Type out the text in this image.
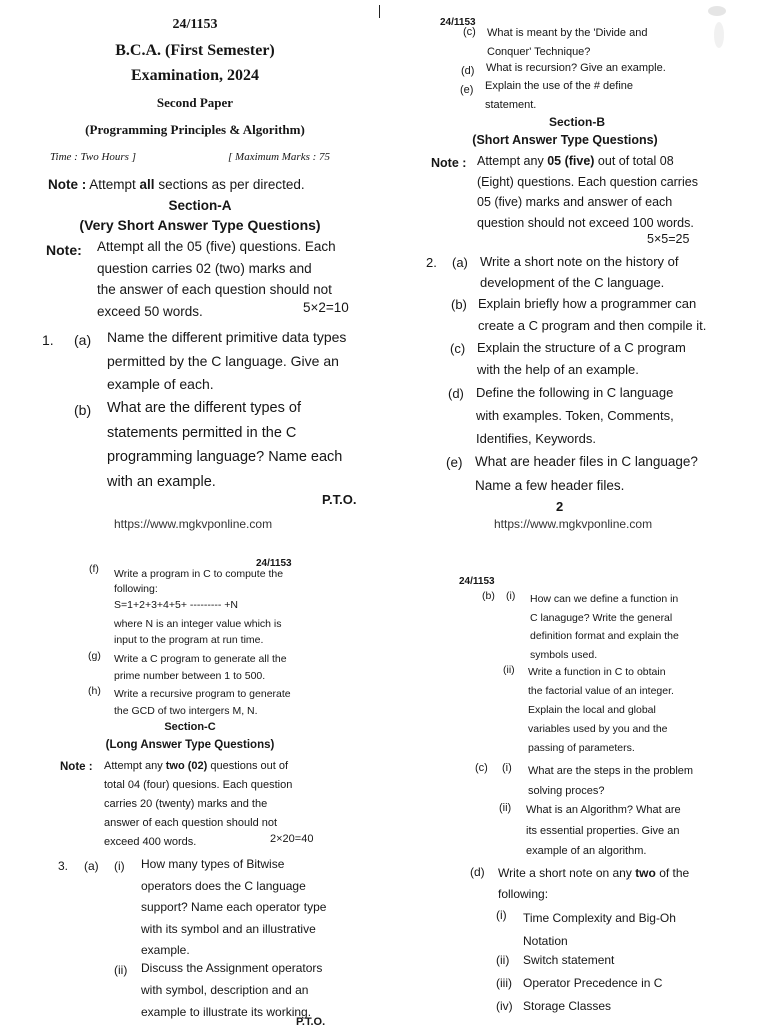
24/1153
B.C.A. (First Semester)
Examination, 2024
Second Paper
(Programming Principles & Algorithm)
Time : Two Hours ]	[ Maximum Marks : 75
Note : Attempt all sections as per directed.
Section-A
(Very Short Answer Type Questions)
Note: Attempt all the 05 (five) questions. Each
question carries 02 (two) marks and
the answer of each question should not
exceed 50 words.	5×2=10
1. (a) Name the different primitive data types
permitted by the C language. Give an
example of each.
(b) What are the different types of
statements permitted in the C
programming language? Name each
with an example.
P.T.O.
https://www.mgkvponline.com
24/1153
(c) What is meant by the 'Divide and
Conquer' Technique?
(d) What is recursion? Give an example.
(e) Explain the use of the # define
statement.
Section-B
(Short Answer Type Questions)
Note : Attempt any 05 (five) out of total 08
(Eight) questions. Each question carries
05 (five) marks and answer of each
question should not exceed 100 words.
5×5=25
2. (a) Write a short note on the history of
development of the C language.
(b) Explain briefly how a programmer can
create a C program and then compile it.
(c) Explain the structure of a C program
with the help of an example.
(d) Define the following in C language
with examples. Token, Comments,
Identifies, Keywords.
(e) What are header files in C language?
Name a few header files.
2
https://www.mgkvponline.com
24/1153
(f) Write a program in C to compute the
following:
S=1+2+3+4+5+ --------- +N
where N is an integer value which is
input to the program at run time.
(g) Write a C program to generate all the
prime number between 1 to 500.
(h) Write a recursive program to generate
the GCD of two intergers M, N.
Section-C
(Long Answer Type Questions)
Note : Attempt any two (02) questions out of
total 04 (four) quesions. Each question
carries 20 (twenty) marks and the
answer of each question should not
exceed 400 words.	2×20=40
3. (a) (i) How many types of Bitwise
operators does the C language
support? Name each operator type
with its symbol and an illustrative
example.
(ii) Discuss the Assignment operators
with symbol, description and an
example to illustrate its working.
P.T.O.
24/1153
(b) (i) How can we define a function in
C lanaguge? Write the general
definition format and explain the
symbols used.
(ii) Write a function in C to obtain
the factorial value of an integer.
Explain the local and global
variables used by you and the
passing of parameters.
(c) (i) What are the steps in the problem
solving proces?
(ii) What is an Algorithm? What are
its essential properties. Give an
example of an algorithm.
(d) Write a short note on any two of the
following:
(i) Time Complexity and Big-Oh
Notation
(ii) Switch statement
(iii) Operator Precedence in C
(iv) Storage Classes
